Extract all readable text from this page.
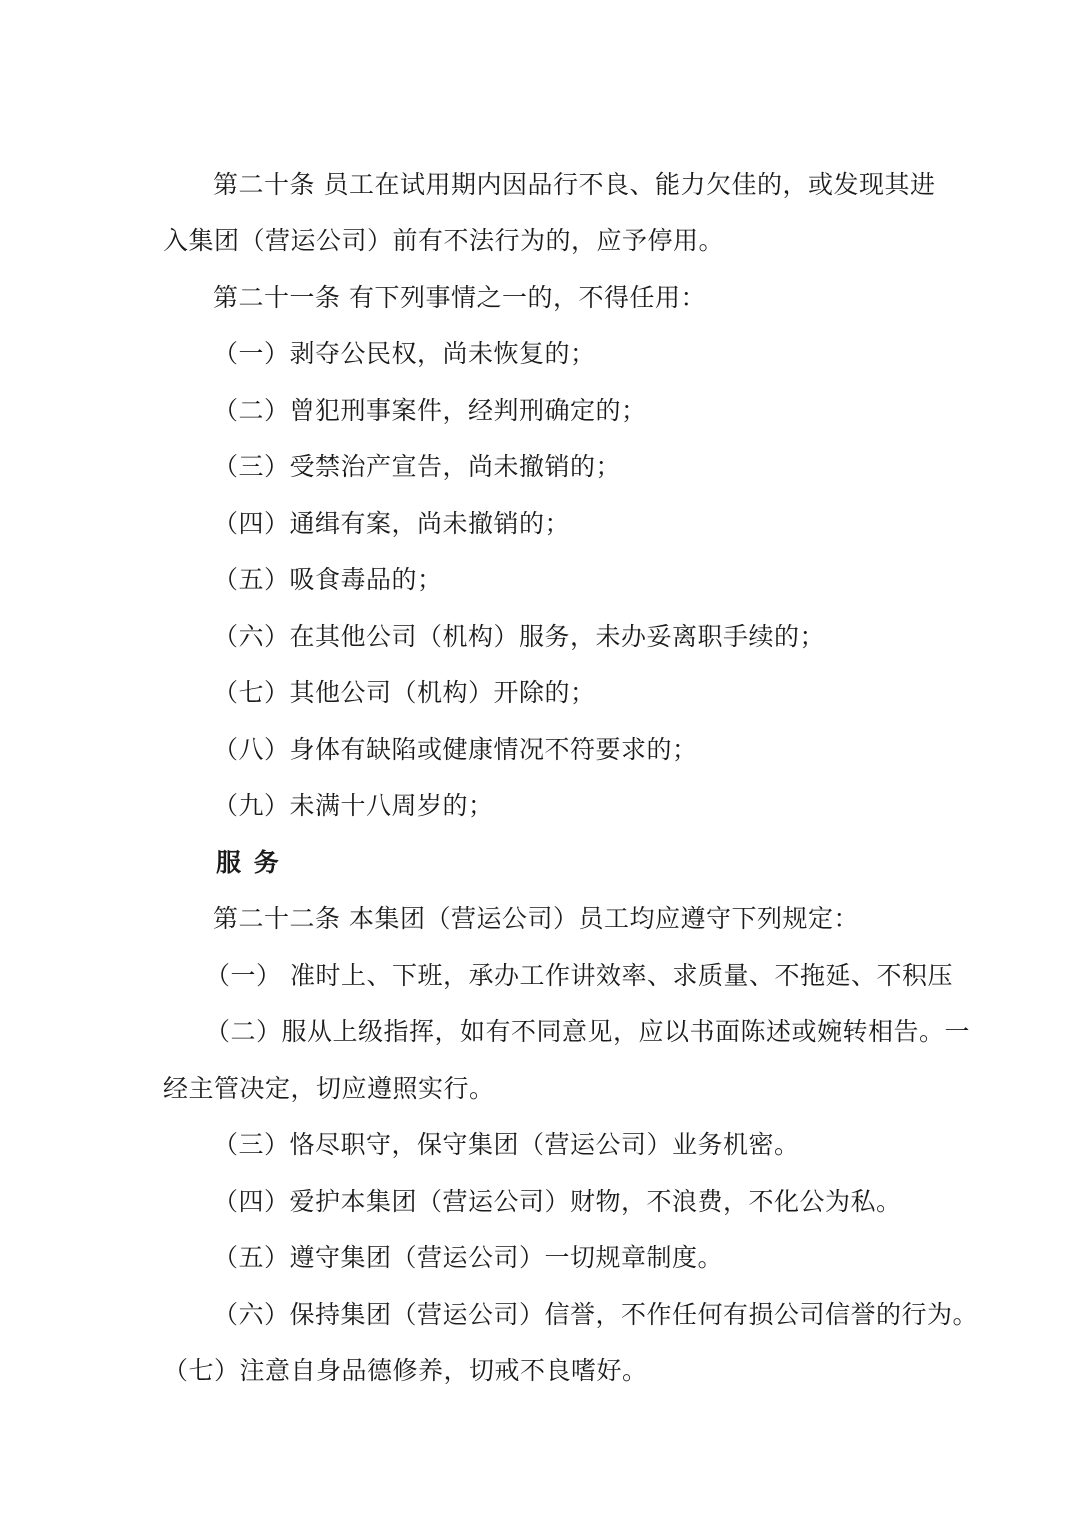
第二十条 员工在试用期内因品行不良、能力欠佳的，或发现其进
入集团（营运公司）前有不法行为的，应予停用。
第二十一条 有下列事情之一的，不得任用：
（一）剥夺公民权，尚未恢复的；
（二）曾犯刑事案件，经判刑确定的；
（三）受禁治产宣告，尚未撤销的；
（四）通缉有案，尚未撤销的；
（五）吸食毒品的；
（六）在其他公司（机构）服务，未办妥离职手续的；
（七）其他公司（机构）开除的；
（八）身体有缺陷或健康情况不符要求的；
（九）未满十八周岁的；
服 务
第二十二条 本集团（营运公司）员工均应遵守下列规定：
（一） 准时上、下班，承办工作讲效率、求质量、不拖延、不积压
（二）服从上级指挥，如有不同意见，应以书面陈述或婉转相告。一
经主管决定，切应遵照实行。
（三）恪尽职守，保守集团（营运公司）业务机密。
（四）爱护本集团（营运公司）财物，不浪费，不化公为私。
（五）遵守集团（营运公司）一切规章制度。
（六）保持集团（营运公司）信誉，不作任何有损公司信誉的行为。
（七）注意自身品德修养，切戒不良嗜好。
